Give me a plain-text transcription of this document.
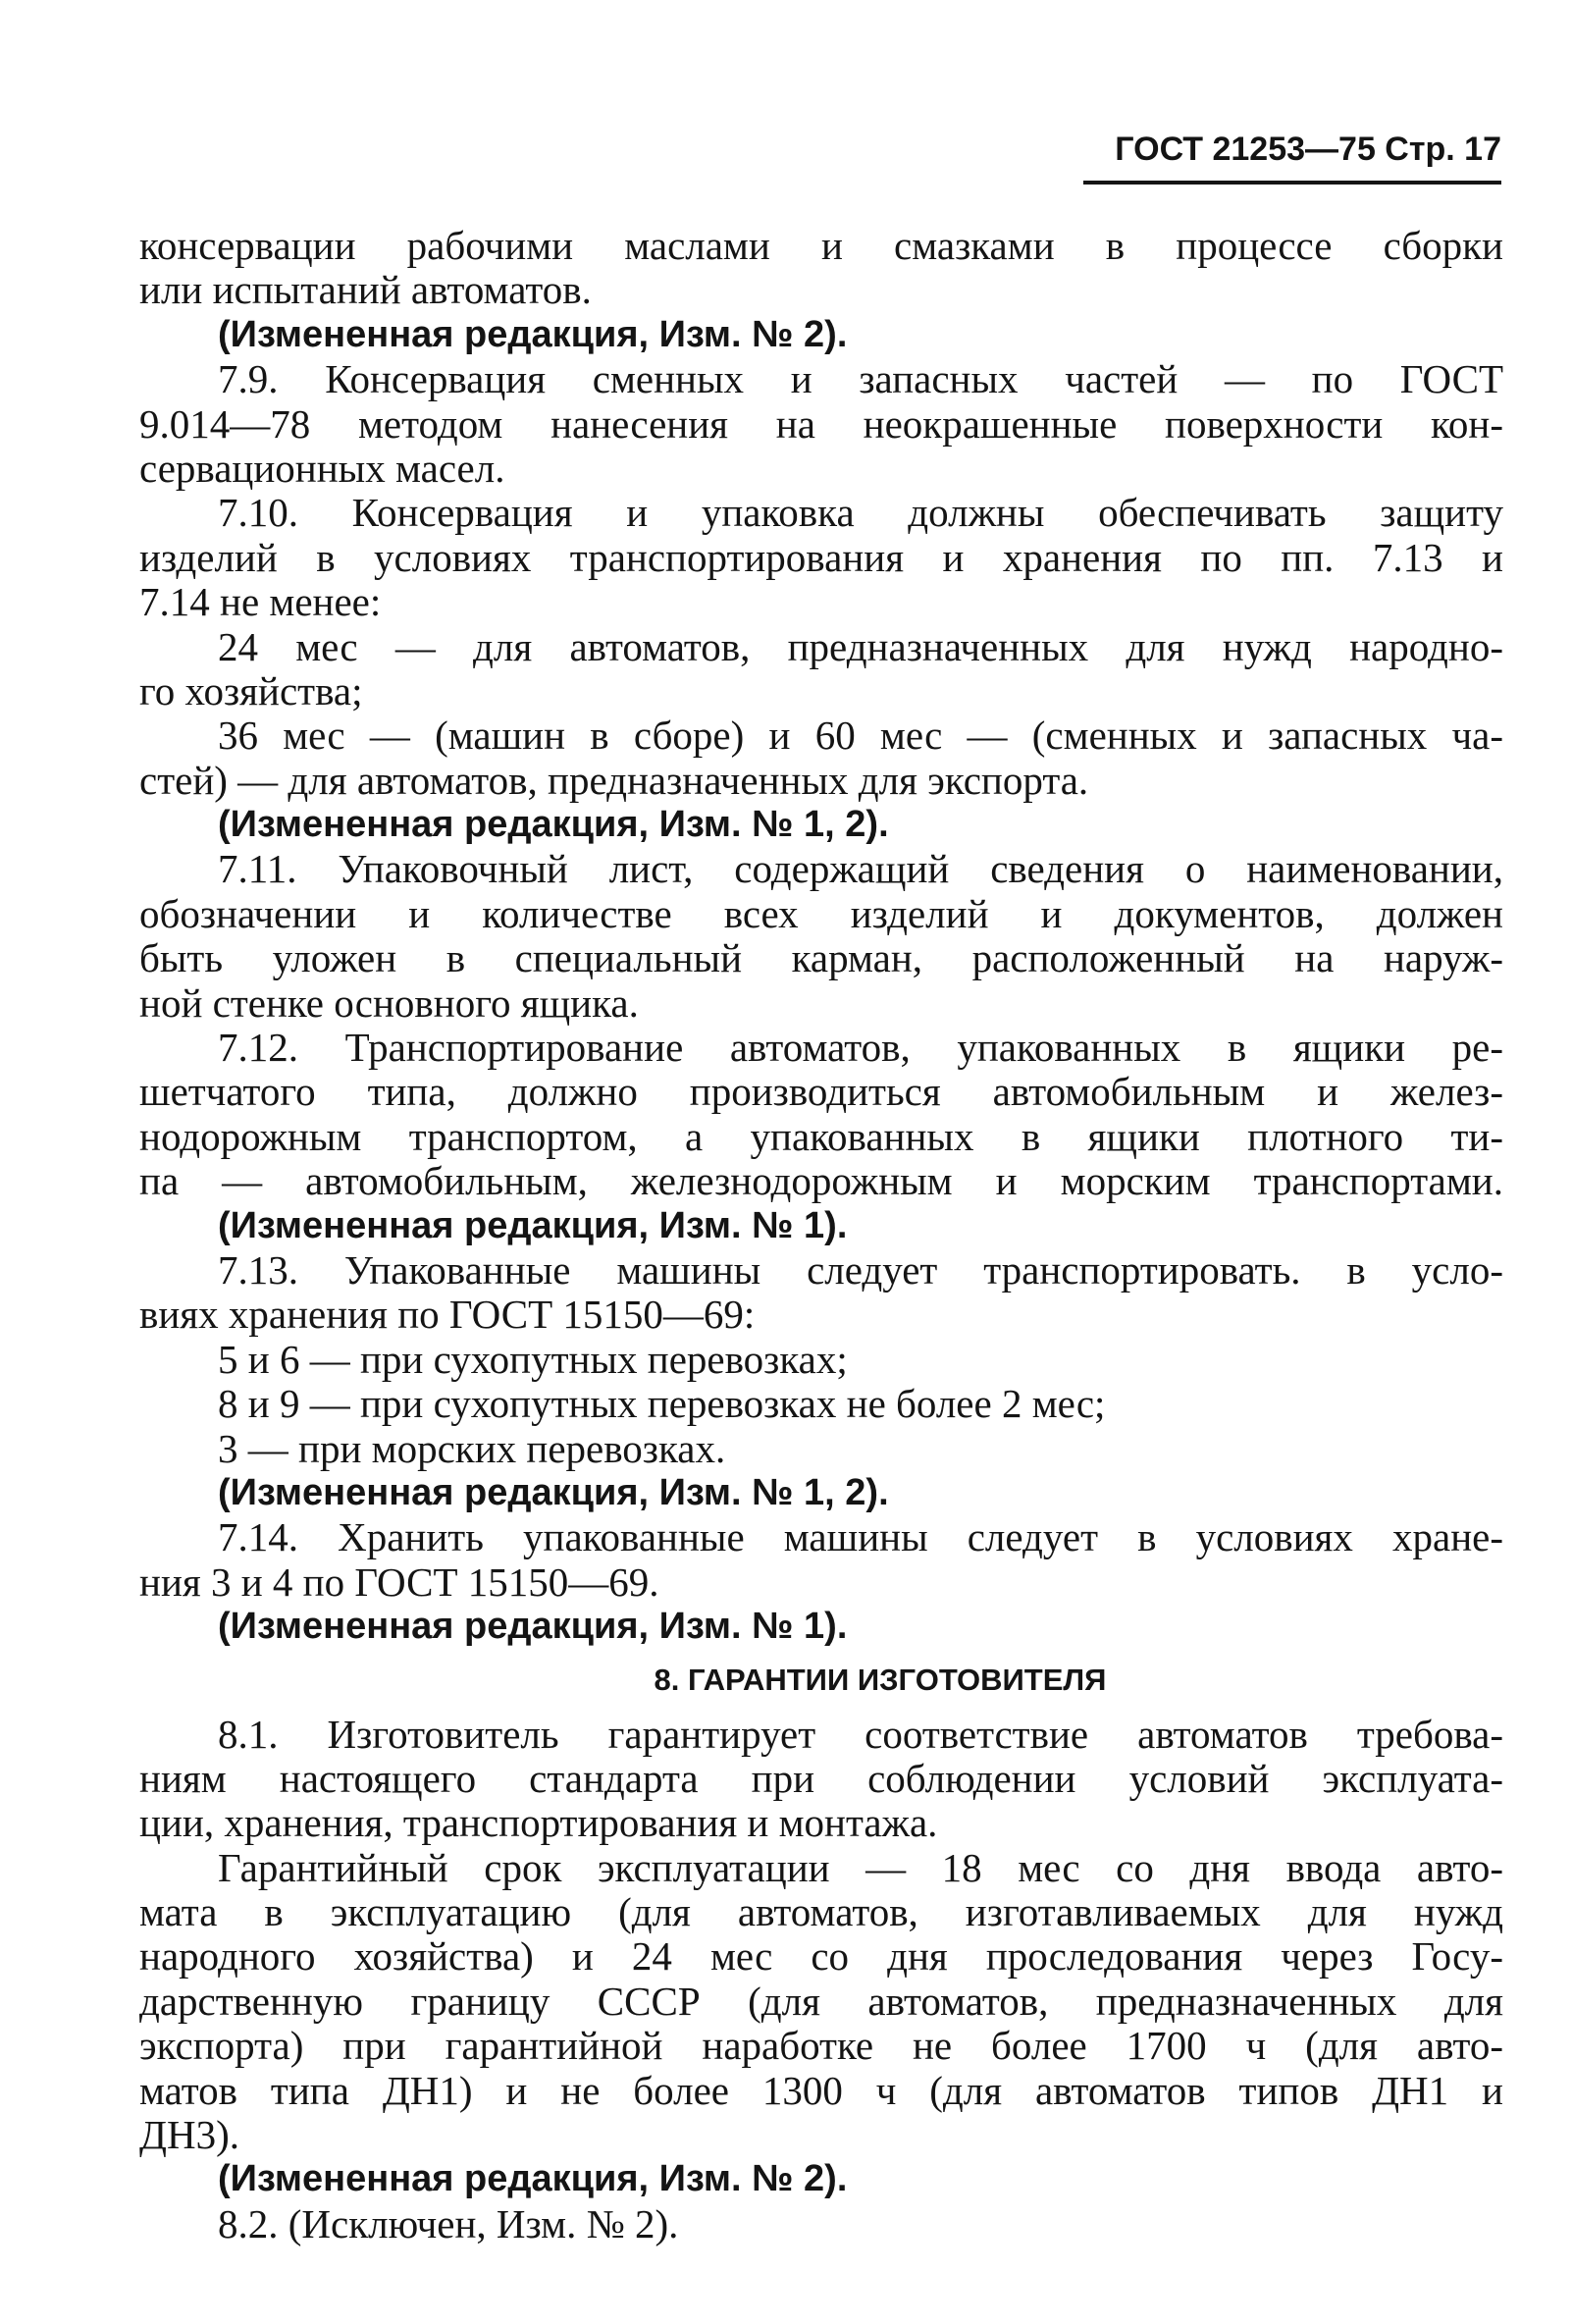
ГОСТ 21253—75 Стр. 17
консервации рабочими маслами и смазками в процессе сборки
или испытаний автоматов.
(Измененная редакция, Изм. № 2).
7.9. Консервация сменных и запасных частей — по ГОСТ
9.014—78 методом нанесения на неокрашенные поверхности кон-
сервационных масел.
7.10. Консервация и упаковка должны обеспечивать защиту
изделий в условиях транспортирования и хранения по пп. 7.13 и
7.14 не менее:
24 мес — для автоматов, предназначенных для нужд народно-
го хозяйства;
36 мес — (машин в сборе) и 60 мес — (сменных и запасных ча-
стей) — для автоматов, предназначенных для экспорта.
(Измененная редакция, Изм. № 1, 2).
7.11. Упаковочный лист, содержащий сведения о наименовании,
обозначении и количестве всех изделий и документов, должен
быть уложен в специальный карман, расположенный на наруж-
ной стенке основного ящика.
7.12. Транспортирование автоматов, упакованных в ящики ре-
шетчатого типа, должно производиться автомобильным и желез-
нодорожным транспортом, а упакованных в ящики плотного ти-
па — автомобильным, железнодорожным и морским транспортами.
(Измененная редакция, Изм. № 1).
7.13. Упакованные машины следует транспортировать. в усло-
виях хранения по ГОСТ 15150—69:
5 и 6 — при сухопутных перевозках;
8 и 9 — при сухопутных перевозках не более 2 мес;
3 — при морских перевозках.
(Измененная редакция, Изм. № 1, 2).
7.14. Хранить упакованные машины следует в условиях хране-
ния 3 и 4 по ГОСТ 15150—69.
(Измененная редакция, Изм. № 1).
8. ГАРАНТИИ ИЗГОТОВИТЕЛЯ
8.1. Изготовитель гарантирует соответствие автоматов требова-
ниям настоящего стандарта при соблюдении условий эксплуата-
ции, хранения, транспортирования и монтажа.
Гарантийный срок эксплуатации — 18 мес со дня ввода авто-
мата в эксплуатацию (для автоматов, изготавливаемых для нужд
народного хозяйства) и 24 мес со дня проследования через Госу-
дарственную границу СССР (для автоматов, предназначенных для
экспорта) при гарантийной наработке не более 1700 ч (для авто-
матов типа ДН1) и не более 1300 ч (для автоматов типов ДН1 и
ДН3).
(Измененная редакция, Изм. № 2).
8.2. (Исключен, Изм. № 2).
